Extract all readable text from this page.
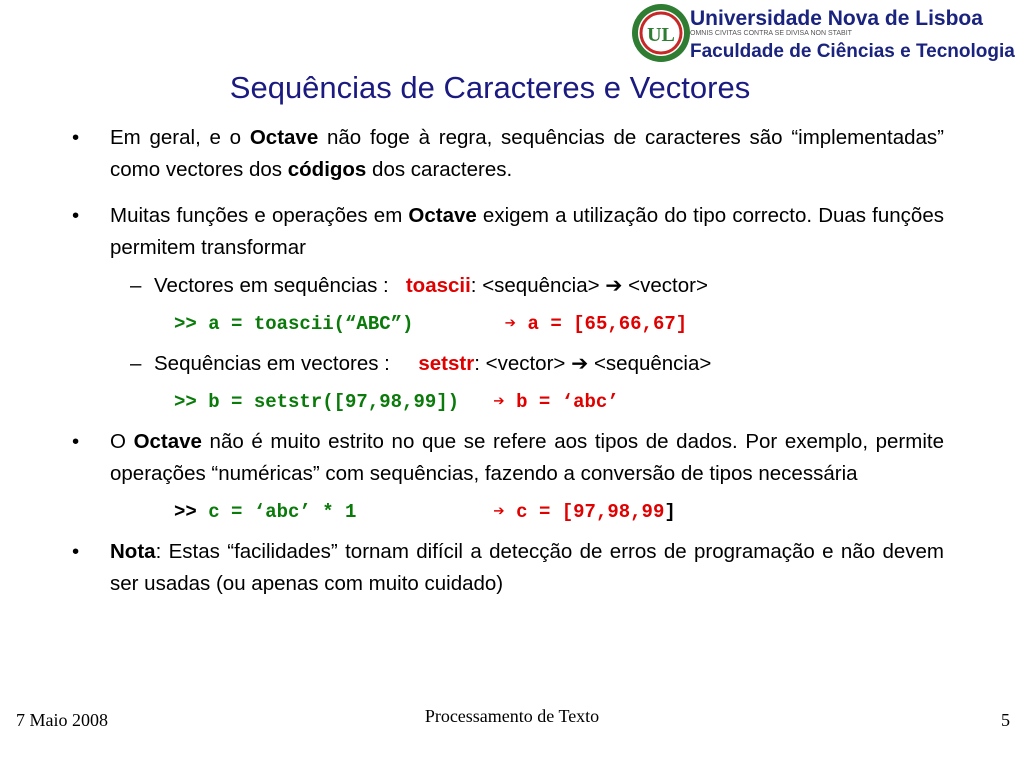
UL
Universidade Nova de Lisboa
OMNIS CIVITAS CONTRA SE DIVISA NON STABIT
Faculdade de Ciências e Tecnologia
Sequências de Caracteres e Vectores
• Em geral, e o Octave não foge à regra, sequências de caracteres são “implementadas” como vectores dos códigos dos caracteres.
• Muitas funções e operações em Octave exigem a utilização do tipo correcto. Duas funções permitem transformar
– Vectores em sequências : toascii: <sequência> ➔ <vector>
>> a = toascii(“ABC”)	➔ a = [65,66,67]
– Sequências em vectores : setstr: <vector> ➔ <sequência>
>> b = setstr([97,98,99]) ➔ b = ‘abc’
• O Octave não é muito estrito no que se refere aos tipos de dados. Por exemplo, permite operações “numéricas” com sequências, fazendo a conversão de tipos necessária
>> c = ‘abc’ * 1	➔ c = [97,98,99]
• Nota: Estas “facilidades” tornam difícil a detecção de erros de programação e não devem ser usadas (ou apenas com muito cuidado)
7 Maio 2008	Processamento de Texto	5
